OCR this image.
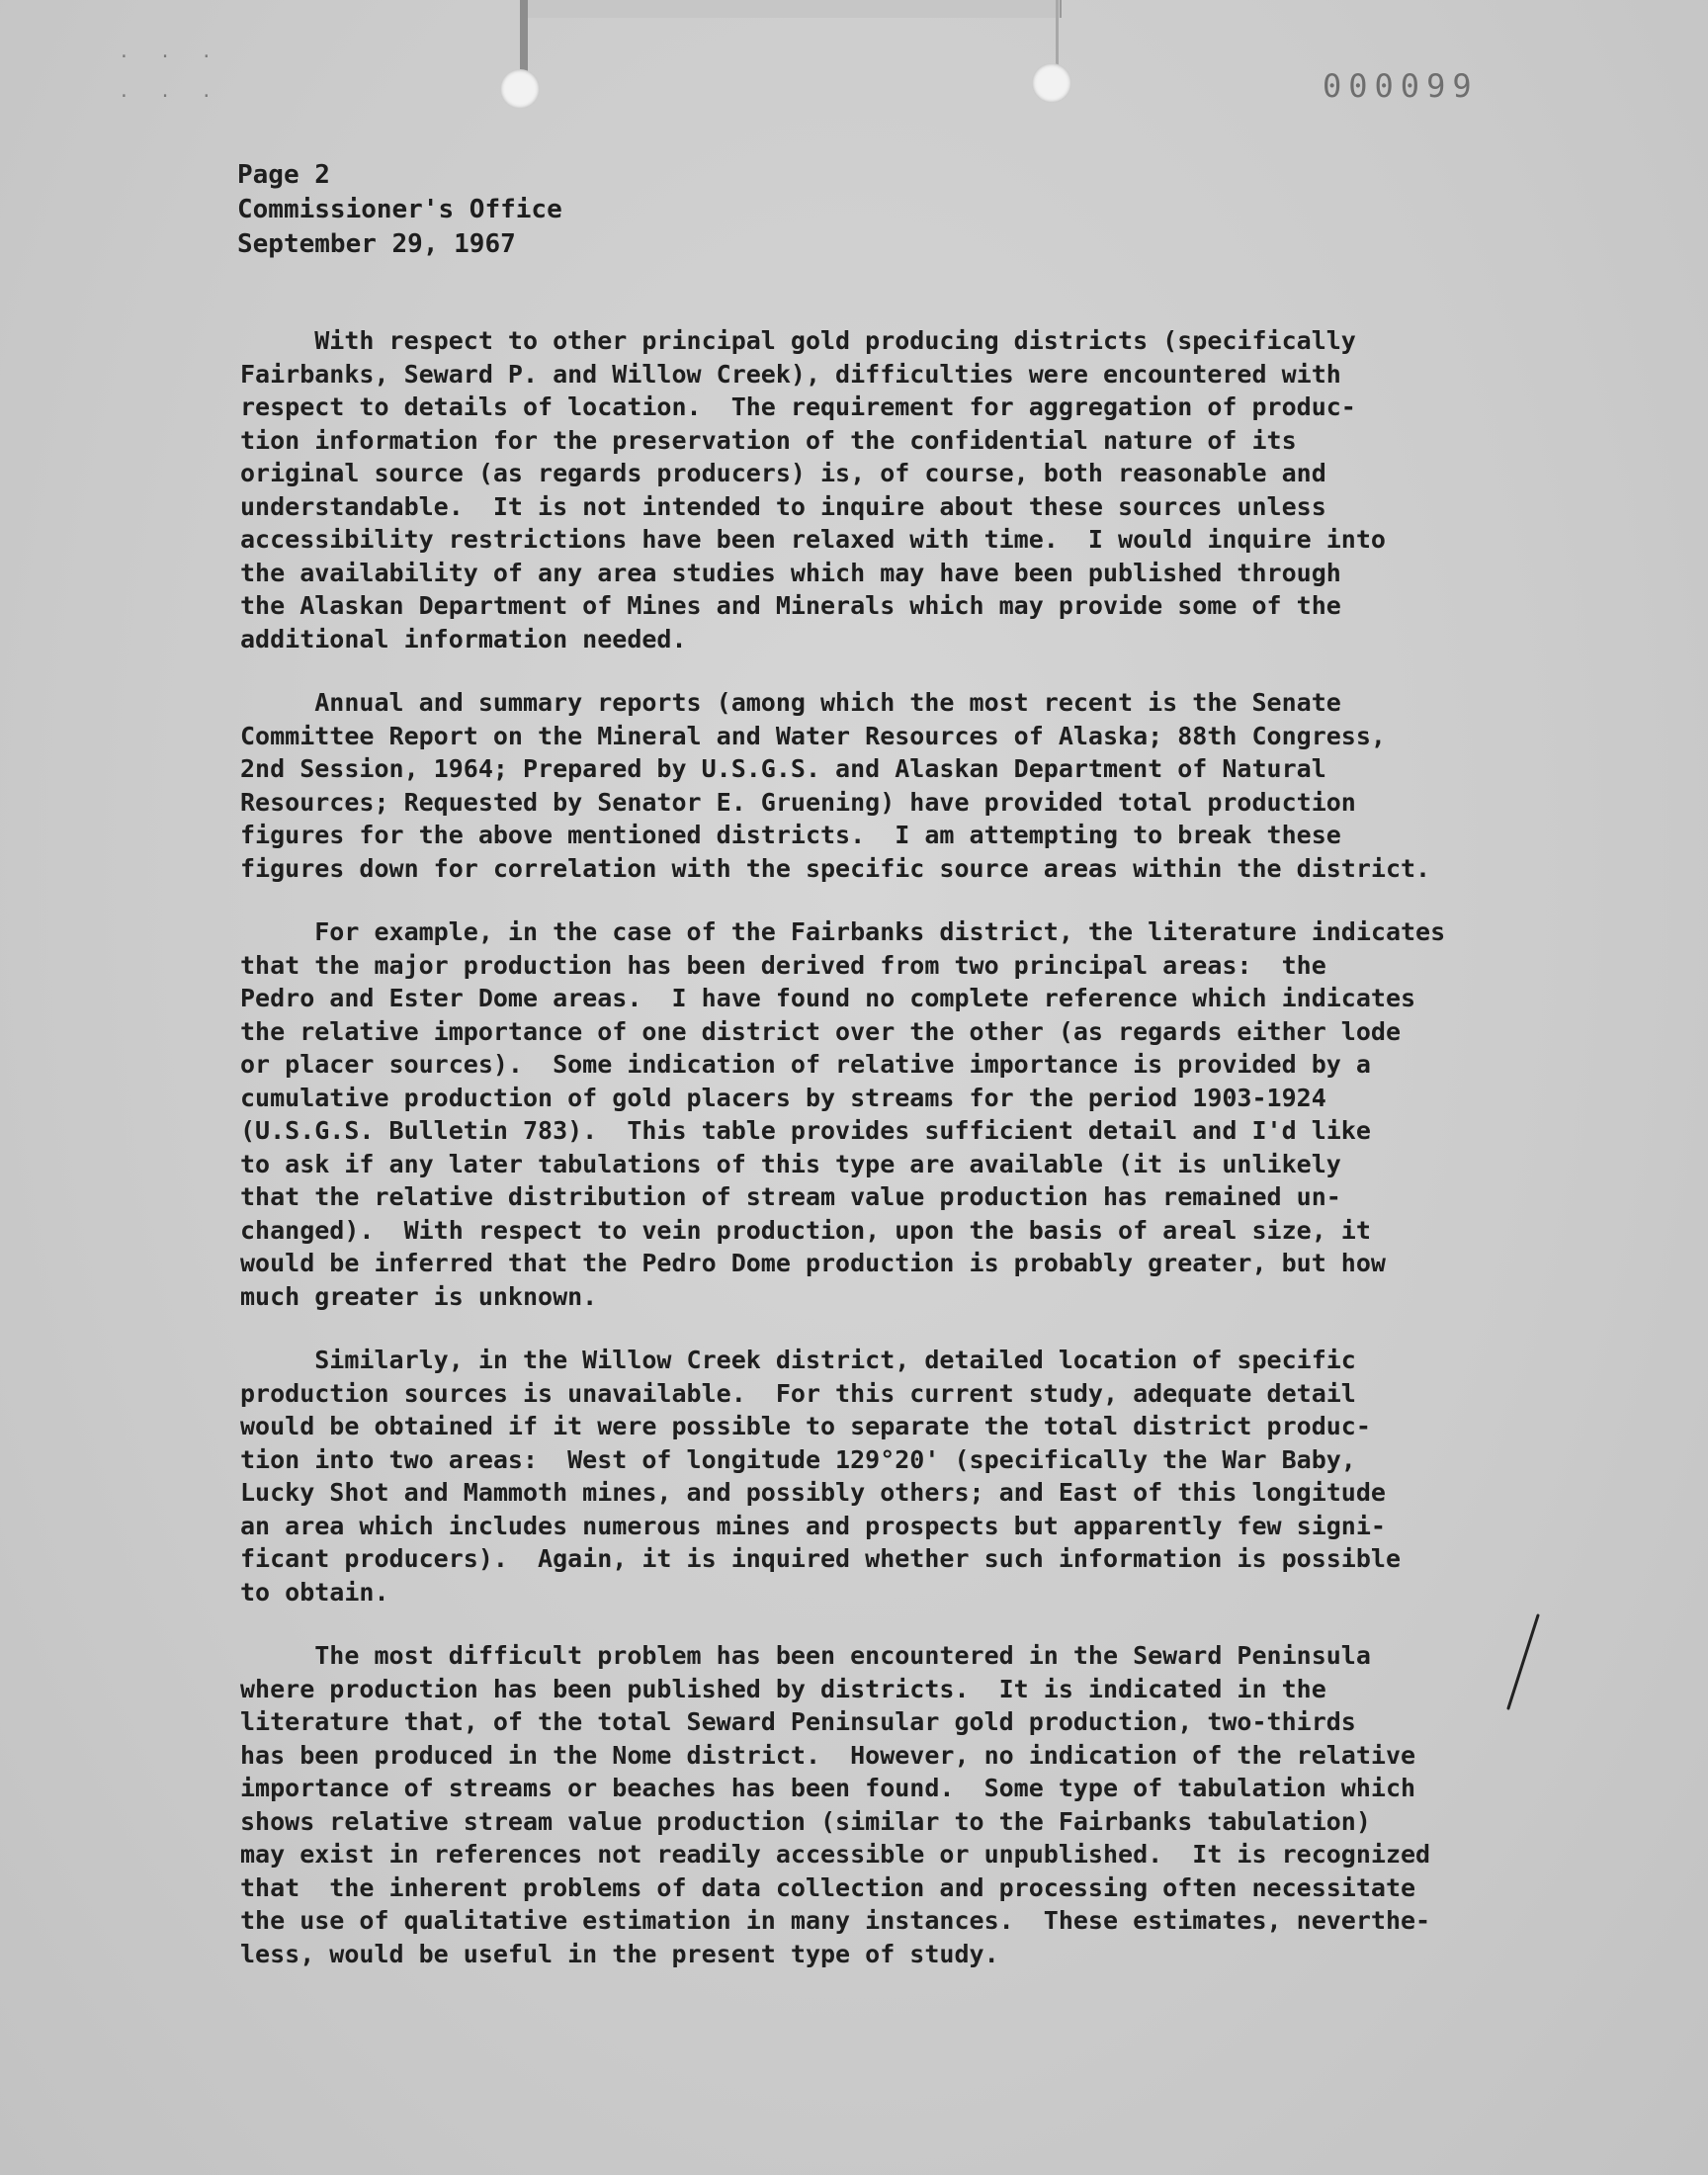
· · ·
· · ·	000099
Page 2
Commissioner's Office
September 29, 1967
With respect to other principal gold producing districts (specifically
Fairbanks, Seward P. and Willow Creek), difficulties were encountered with
respect to details of location.  The requirement for aggregation of produc-
tion information for the preservation of the confidential nature of its
original source (as regards producers) is, of course, both reasonable and
understandable.  It is not intended to inquire about these sources unless
accessibility restrictions have been relaxed with time.  I would inquire into
the availability of any area studies which may have been published through
the Alaskan Department of Mines and Minerals which may provide some of the
additional information needed.
Annual and summary reports (among which the most recent is the Senate
Committee Report on the Mineral and Water Resources of Alaska; 88th Congress,
2nd Session, 1964; Prepared by U.S.G.S. and Alaskan Department of Natural
Resources; Requested by Senator E. Gruening) have provided total production
figures for the above mentioned districts.  I am attempting to break these
figures down for correlation with the specific source areas within the district.
For example, in the case of the Fairbanks district, the literature indicates
that the major production has been derived from two principal areas:  the
Pedro and Ester Dome areas.  I have found no complete reference which indicates
the relative importance of one district over the other (as regards either lode
or placer sources).  Some indication of relative importance is provided by a
cumulative production of gold placers by streams for the period 1903-1924
(U.S.G.S. Bulletin 783).  This table provides sufficient detail and I'd like
to ask if any later tabulations of this type are available (it is unlikely
that the relative distribution of stream value production has remained un-
changed).  With respect to vein production, upon the basis of areal size, it
would be inferred that the Pedro Dome production is probably greater, but how
much greater is unknown.
Similarly, in the Willow Creek district, detailed location of specific
production sources is unavailable.  For this current study, adequate detail
would be obtained if it were possible to separate the total district produc-
tion into two areas:  West of longitude 129°20' (specifically the War Baby,
Lucky Shot and Mammoth mines, and possibly others; and East of this longitude
an area which includes numerous mines and prospects but apparently few signi-
ficant producers).  Again, it is inquired whether such information is possible
to obtain.
The most difficult problem has been encountered in the Seward Peninsula
where production has been published by districts.  It is indicated in the
literature that, of the total Seward Peninsular gold production, two-thirds
has been produced in the Nome district.  However, no indication of the relative
importance of streams or beaches has been found.  Some type of tabulation which
shows relative stream value production (similar to the Fairbanks tabulation)
may exist in references not readily accessible or unpublished.  It is recognized
that  the inherent problems of data collection and processing often necessitate
the use of qualitative estimation in many instances.  These estimates, neverthe-
less, would be useful in the present type of study.
